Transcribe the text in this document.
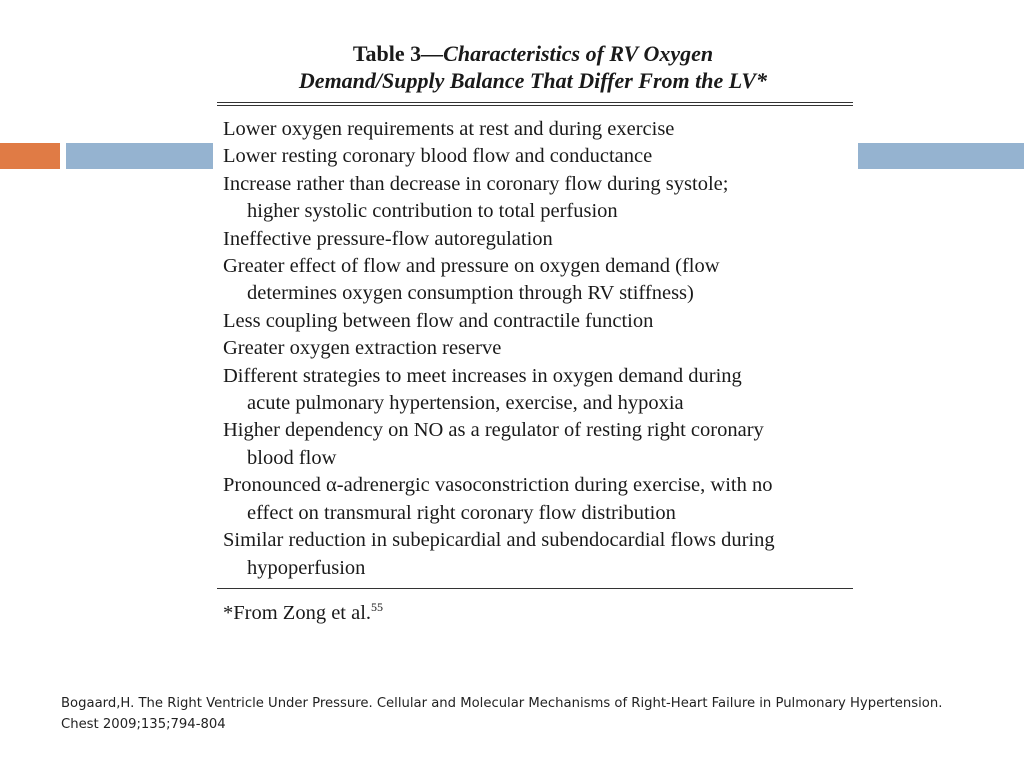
Table 3—Characteristics of RV Oxygen
Demand/Supply Balance That Differ From the LV*
Lower oxygen requirements at rest and during exercise
Lower resting coronary blood flow and conductance
Increase rather than decrease in coronary flow during systole;
higher systolic contribution to total perfusion
Ineffective pressure-flow autoregulation
Greater effect of flow and pressure on oxygen demand (flow
determines oxygen consumption through RV stiffness)
Less coupling between flow and contractile function
Greater oxygen extraction reserve
Different strategies to meet increases in oxygen demand during
acute pulmonary hypertension, exercise, and hypoxia
Higher dependency on NO as a regulator of resting right coronary
blood flow
Pronounced α-adrenergic vasoconstriction during exercise, with no
effect on transmural right coronary flow distribution
Similar reduction in subepicardial and subendocardial flows during
hypoperfusion
*From Zong et al.$^{55}$
Bogaard,H. The Right Ventricle Under Pressure. Cellular and Molecular Mechanisms of Right-Heart Failure in Pulmonary Hypertension.
Chest 2009;135;794-804
